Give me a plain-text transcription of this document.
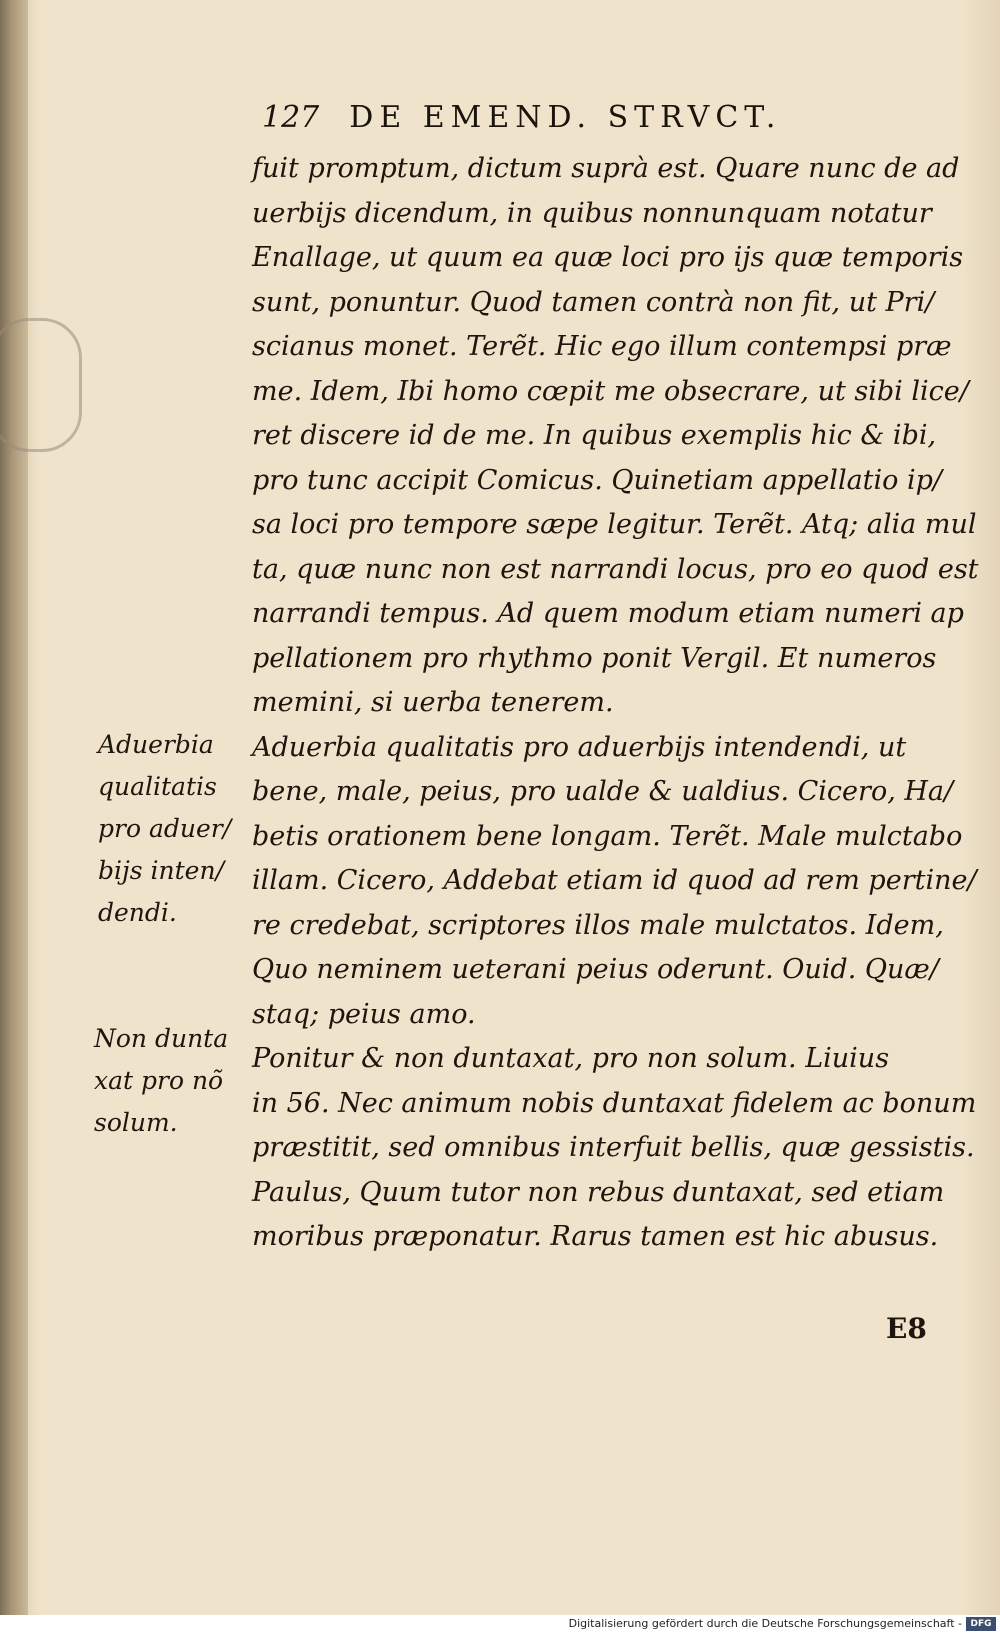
127 DE EMEND. STRVCT.
fuit promptum, dictum suprà est. Quare nunc de ad
uerbijs dicendum, in quibus nonnunquam notatur
Enallage, ut quum ea quæ loci pro ijs quæ temporis
sunt, ponuntur. Quod tamen contrà non fit, ut Pri/
scianus monet. Terẽt. Hic ego illum contempsi præ
me. Idem, Ibi homo cœpit me obsecrare, ut sibi lice/
ret discere id de me. In quibus exemplis hic & ibi,
pro tunc accipit Comicus. Quinetiam appellatio ip/
sa loci pro tempore sæpe legitur. Terẽt. Atq; alia mul
ta, quæ nunc non est narrandi locus, pro eo quod est
narrandi tempus. Ad quem modum etiam numeri ap
pellationem pro rhythmo ponit Vergil. Et numeros
memini, si uerba tenerem.
Aduerbia qualitatis pro aduerbijs intendendi, ut
bene, male, peius, pro ualde & ualdius. Cicero, Ha/
betis orationem bene longam. Terẽt. Male mulctabo
illam. Cicero, Addebat etiam id quod ad rem pertine/
re credebat, scriptores illos male mulctatos. Idem,
Quo neminem ueterani peius oderunt. Ouid. Quæ/
staq; peius amo.
Ponitur & non duntaxat, pro non solum. Liuius
in 56. Nec animum nobis duntaxat fidelem ac bonum
præstitit, sed omnibus interfuit bellis, quæ gessistis.
Paulus, Quum tutor non rebus duntaxat, sed etiam
moribus præponatur. Rarus tamen est hic abusus.
Aduerbia
qualitatis
pro aduer/
bijs inten/
dendi.
Non dunta
xat pro nõ
solum.
E8
Digitalisierung gefördert durch die Deutsche Forschungsgemeinschaft - DFG
